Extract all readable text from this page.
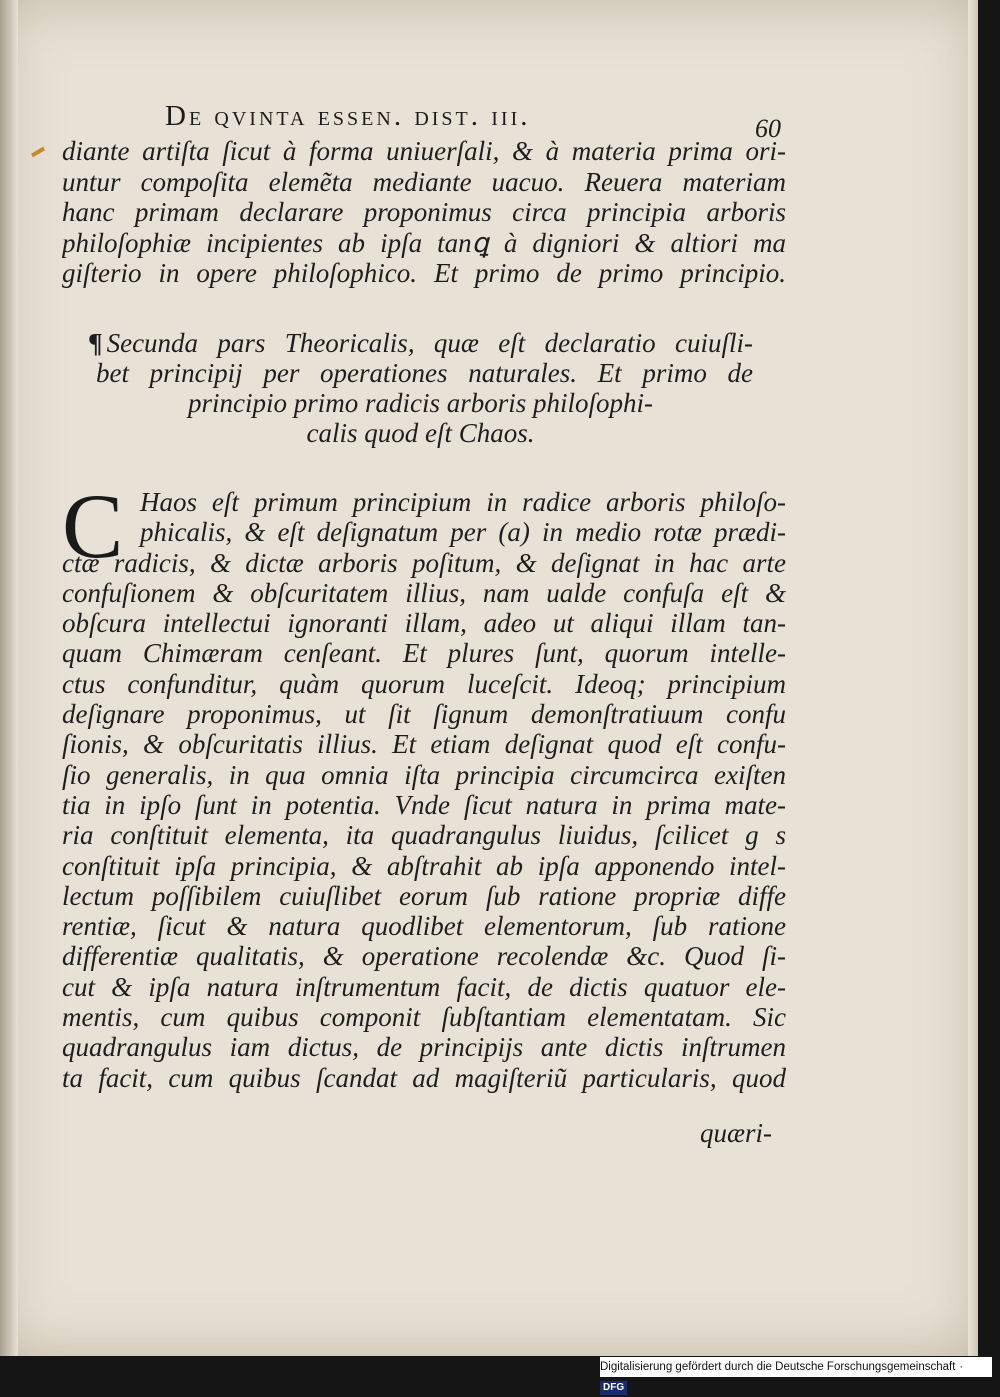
De qvinta essen. dist. iii.	60
diante artiſta ſicut à forma uniuerſali, & à materia prima ori-
untur compoſita elemẽta mediante uacuo. Reuera materiam
hanc primam declarare proponimus circa principia arboris
philoſophiæ incipientes ab ipſa tanꝗ à digniori & altiori ma
giſterio in opere philoſophico. Et primo de primo principio.
¶ Secunda pars Theoricalis, quæ eſt declaratio cuiuſli-
bet principij per operationes naturales. Et primo de
principio primo radicis arboris philoſophi-
calis quod eſt Chaos.
C Haos eſt primum principium in radice arboris philoſo-
phicalis, & eſt deſignatum per (a) in medio rotæ prædi-
ctæ radicis, & dictæ arboris poſitum, & deſignat in hac arte
confuſionem & obſcuritatem illius, nam ualde confuſa eſt &
obſcura intellectui ignoranti illam, adeo ut aliqui illam tan-
quam Chimæram cenſeant. Et plures ſunt, quorum intelle-
ctus confunditur, quàm quorum luceſcit. Ideoq; principium
deſignare proponimus, ut ſit ſignum demonſtratiuum confu
ſionis, & obſcuritatis illius. Et etiam deſignat quod eſt confu-
ſio generalis, in qua omnia iſta principia circumcirca exiſten
tia in ipſo ſunt in potentia. Vnde ſicut natura in prima mate-
ria conſtituit elementa, ita quadrangulus liuidus, ſcilicet g s
conſtituit ipſa principia, & abſtrahit ab ipſa apponendo intel-
lectum poſſibilem cuiuſlibet eorum ſub ratione propriæ diffe
rentiæ, ſicut & natura quodlibet elementorum, ſub ratione
differentiæ qualitatis, & operatione recolendæ &c. Quod ſi-
cut & ipſa natura inſtrumentum facit, de dictis quatuor ele-
mentis, cum quibus componit ſubſtantiam elementatam. Sic
quadrangulus iam dictus, de principijs ante dictis inſtrumen
ta facit, cum quibus ſcandat ad magiſteriũ particularis, quod
quæri-
Digitalisierung gefördert durch die Deutsche Forschungsgemeinschaft ·DFG
